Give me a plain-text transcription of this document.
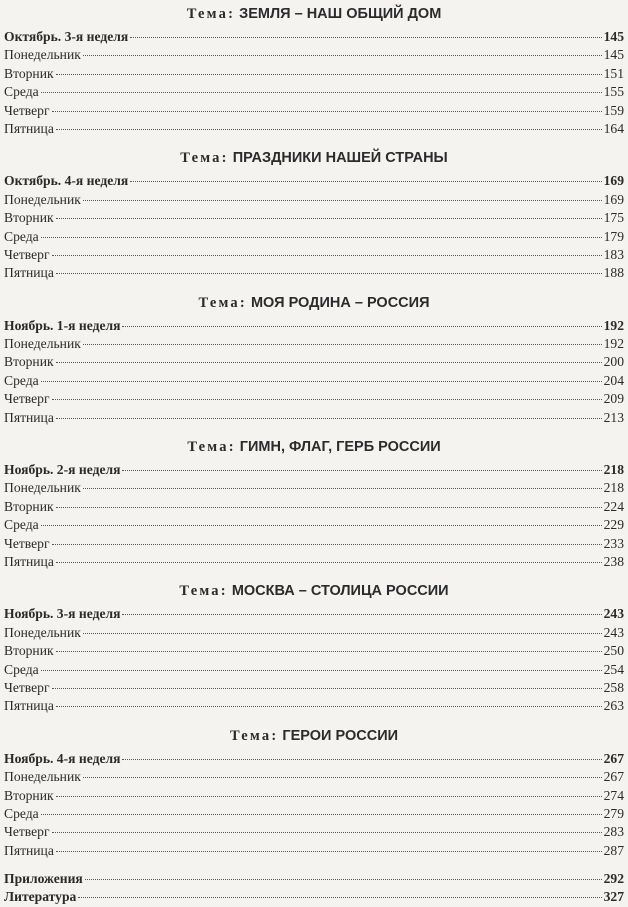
Тема: ЗЕМЛЯ – НАШ ОБЩИЙ ДОМ
Октябрь. 3-я неделя	145
Понедельник	145
Вторник	151
Среда	155
Четверг	159
Пятница	164
Тема: ПРАЗДНИКИ НАШЕЙ СТРАНЫ
Октябрь. 4-я неделя	169
Понедельник	169
Вторник	175
Среда	179
Четверг	183
Пятница	188
Тема: МОЯ РОДИНА – РОССИЯ
Ноябрь. 1-я неделя	192
Понедельник	192
Вторник	200
Среда	204
Четверг	209
Пятница	213
Тема: ГИМН, ФЛАГ, ГЕРБ РОССИИ
Ноябрь. 2-я неделя	218
Понедельник	218
Вторник	224
Среда	229
Четверг	233
Пятница	238
Тема: МОСКВА – СТОЛИЦА РОССИИ
Ноябрь. 3-я неделя	243
Понедельник	243
Вторник	250
Среда	254
Четверг	258
Пятница	263
Тема: ГЕРОИ РОССИИ
Ноябрь. 4-я неделя	267
Понедельник	267
Вторник	274
Среда	279
Четверг	283
Пятница	287
Приложения	292
Литература	327
